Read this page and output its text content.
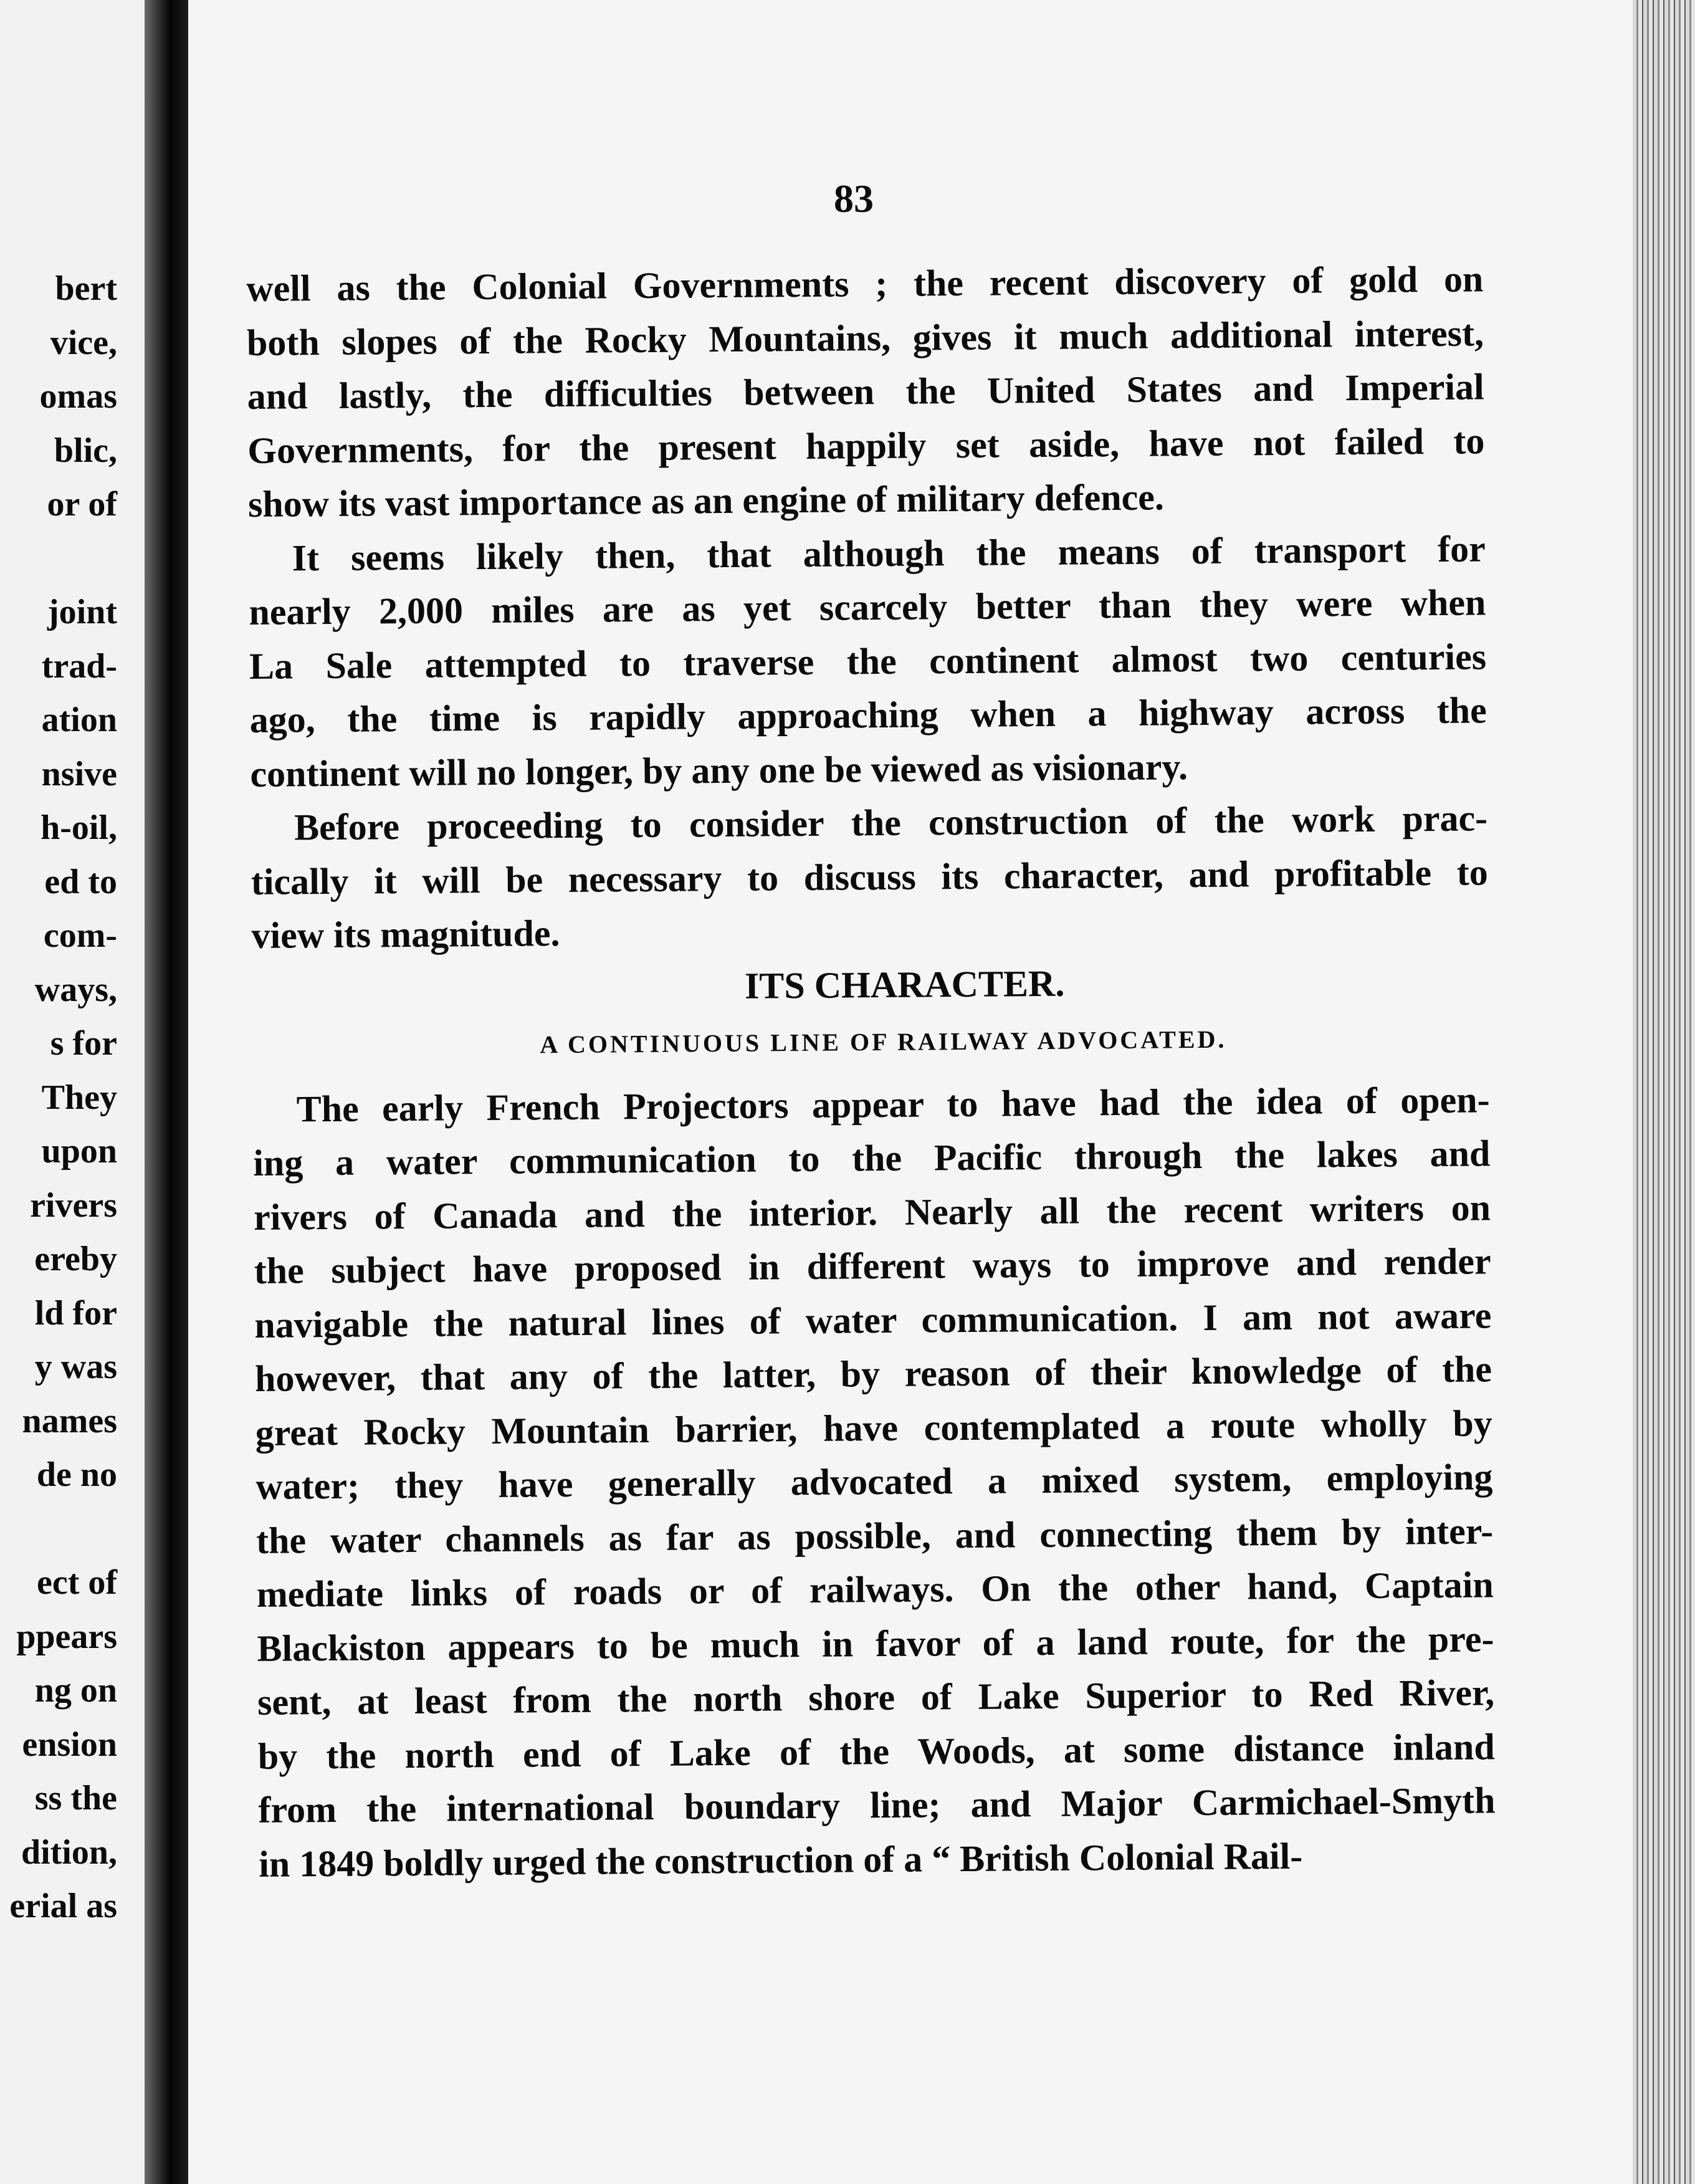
bert
vice,
omas
blic,
or of
joint
trad-
ation
nsive
h-oil,
ed to
com-
ways,
s for
They
upon
rivers
ereby
ld for
y was
names
de no
ect of
ppears
ng on
ension
ss the
dition,
erial as
83
well as the Colonial Governments ; the recent discovery of gold on
both slopes of the Rocky Mountains, gives it much additional interest,
and lastly, the difficulties between the United States and Imperial
Governments, for the present happily set aside, have not failed to
show its vast importance as an engine of military defence.
It seems likely then, that although the means of transport for
nearly 2,000 miles are as yet scarcely better than they were when
La Sale attempted to traverse the continent almost two centuries
ago, the time is rapidly approaching when a highway across the
continent will no longer, by any one be viewed as visionary.
Before proceeding to consider the construction of the work prac-
tically it will be necessary to discuss its character, and profitable to
view its magnitude.
ITS CHARACTER.
A CONTINUOUS LINE OF RAILWAY ADVOCATED.
The early French Projectors appear to have had the idea of open-
ing a water communication to the Pacific through the lakes and
rivers of Canada and the interior. Nearly all the recent writers on
the subject have proposed in different ways to improve and render
navigable the natural lines of water communication. I am not aware
however, that any of the latter, by reason of their knowledge of the
great Rocky Mountain barrier, have contemplated a route wholly by
water; they have generally advocated a mixed system, employing
the water channels as far as possible, and connecting them by inter-
mediate links of roads or of railways. On the other hand, Captain
Blackiston appears to be much in favor of a land route, for the pre-
sent, at least from the north shore of Lake Superior to Red River,
by the north end of Lake of the Woods, at some distance inland
from the international boundary line; and Major Carmichael-Smyth
in 1849 boldly urged the construction of a “ British Colonial Rail-
